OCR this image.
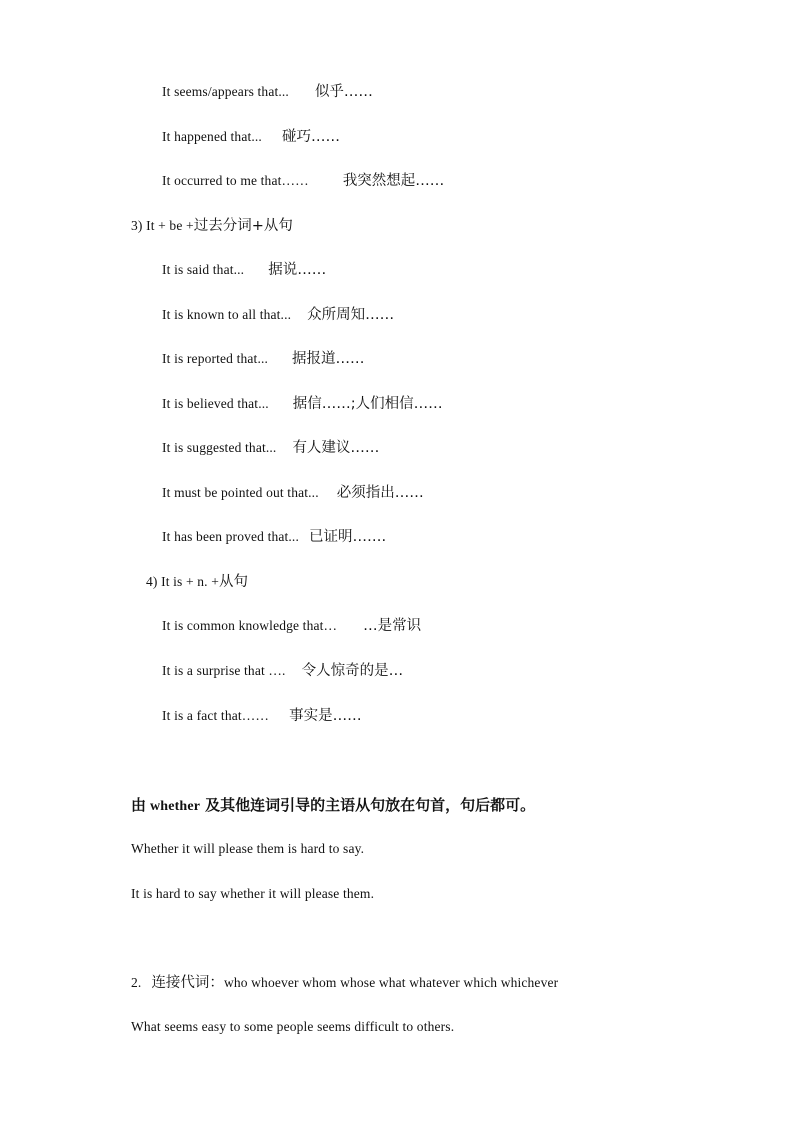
It seems/appears that... 似乎……
It happened that... 碰巧……
It occurred to me that…… 我突然想起……
3) It + be +过去分词+从句
It is said that... 据说……
It is known to all that... 众所周知……
It is reported that... 据报道……
It is believed that... 据信……;人们相信……
It is suggested that... 有人建议……
It must be pointed out that... 必须指出……
It has been proved that... 已证明…….
4) It is + n. +从句
It is common knowledge that… …是常识
It is a surprise that …. 令人惊奇的是…
It is a fact that…… 事实是……
由 whether 及其他连词引导的主语从句放在句首，句后都可。
Whether it will please them is hard to say.
It is hard to say whether it will please them.
2. 连接代词：who whoever whom whose what whatever which whichever
What seems easy to some people seems difficult to others.
